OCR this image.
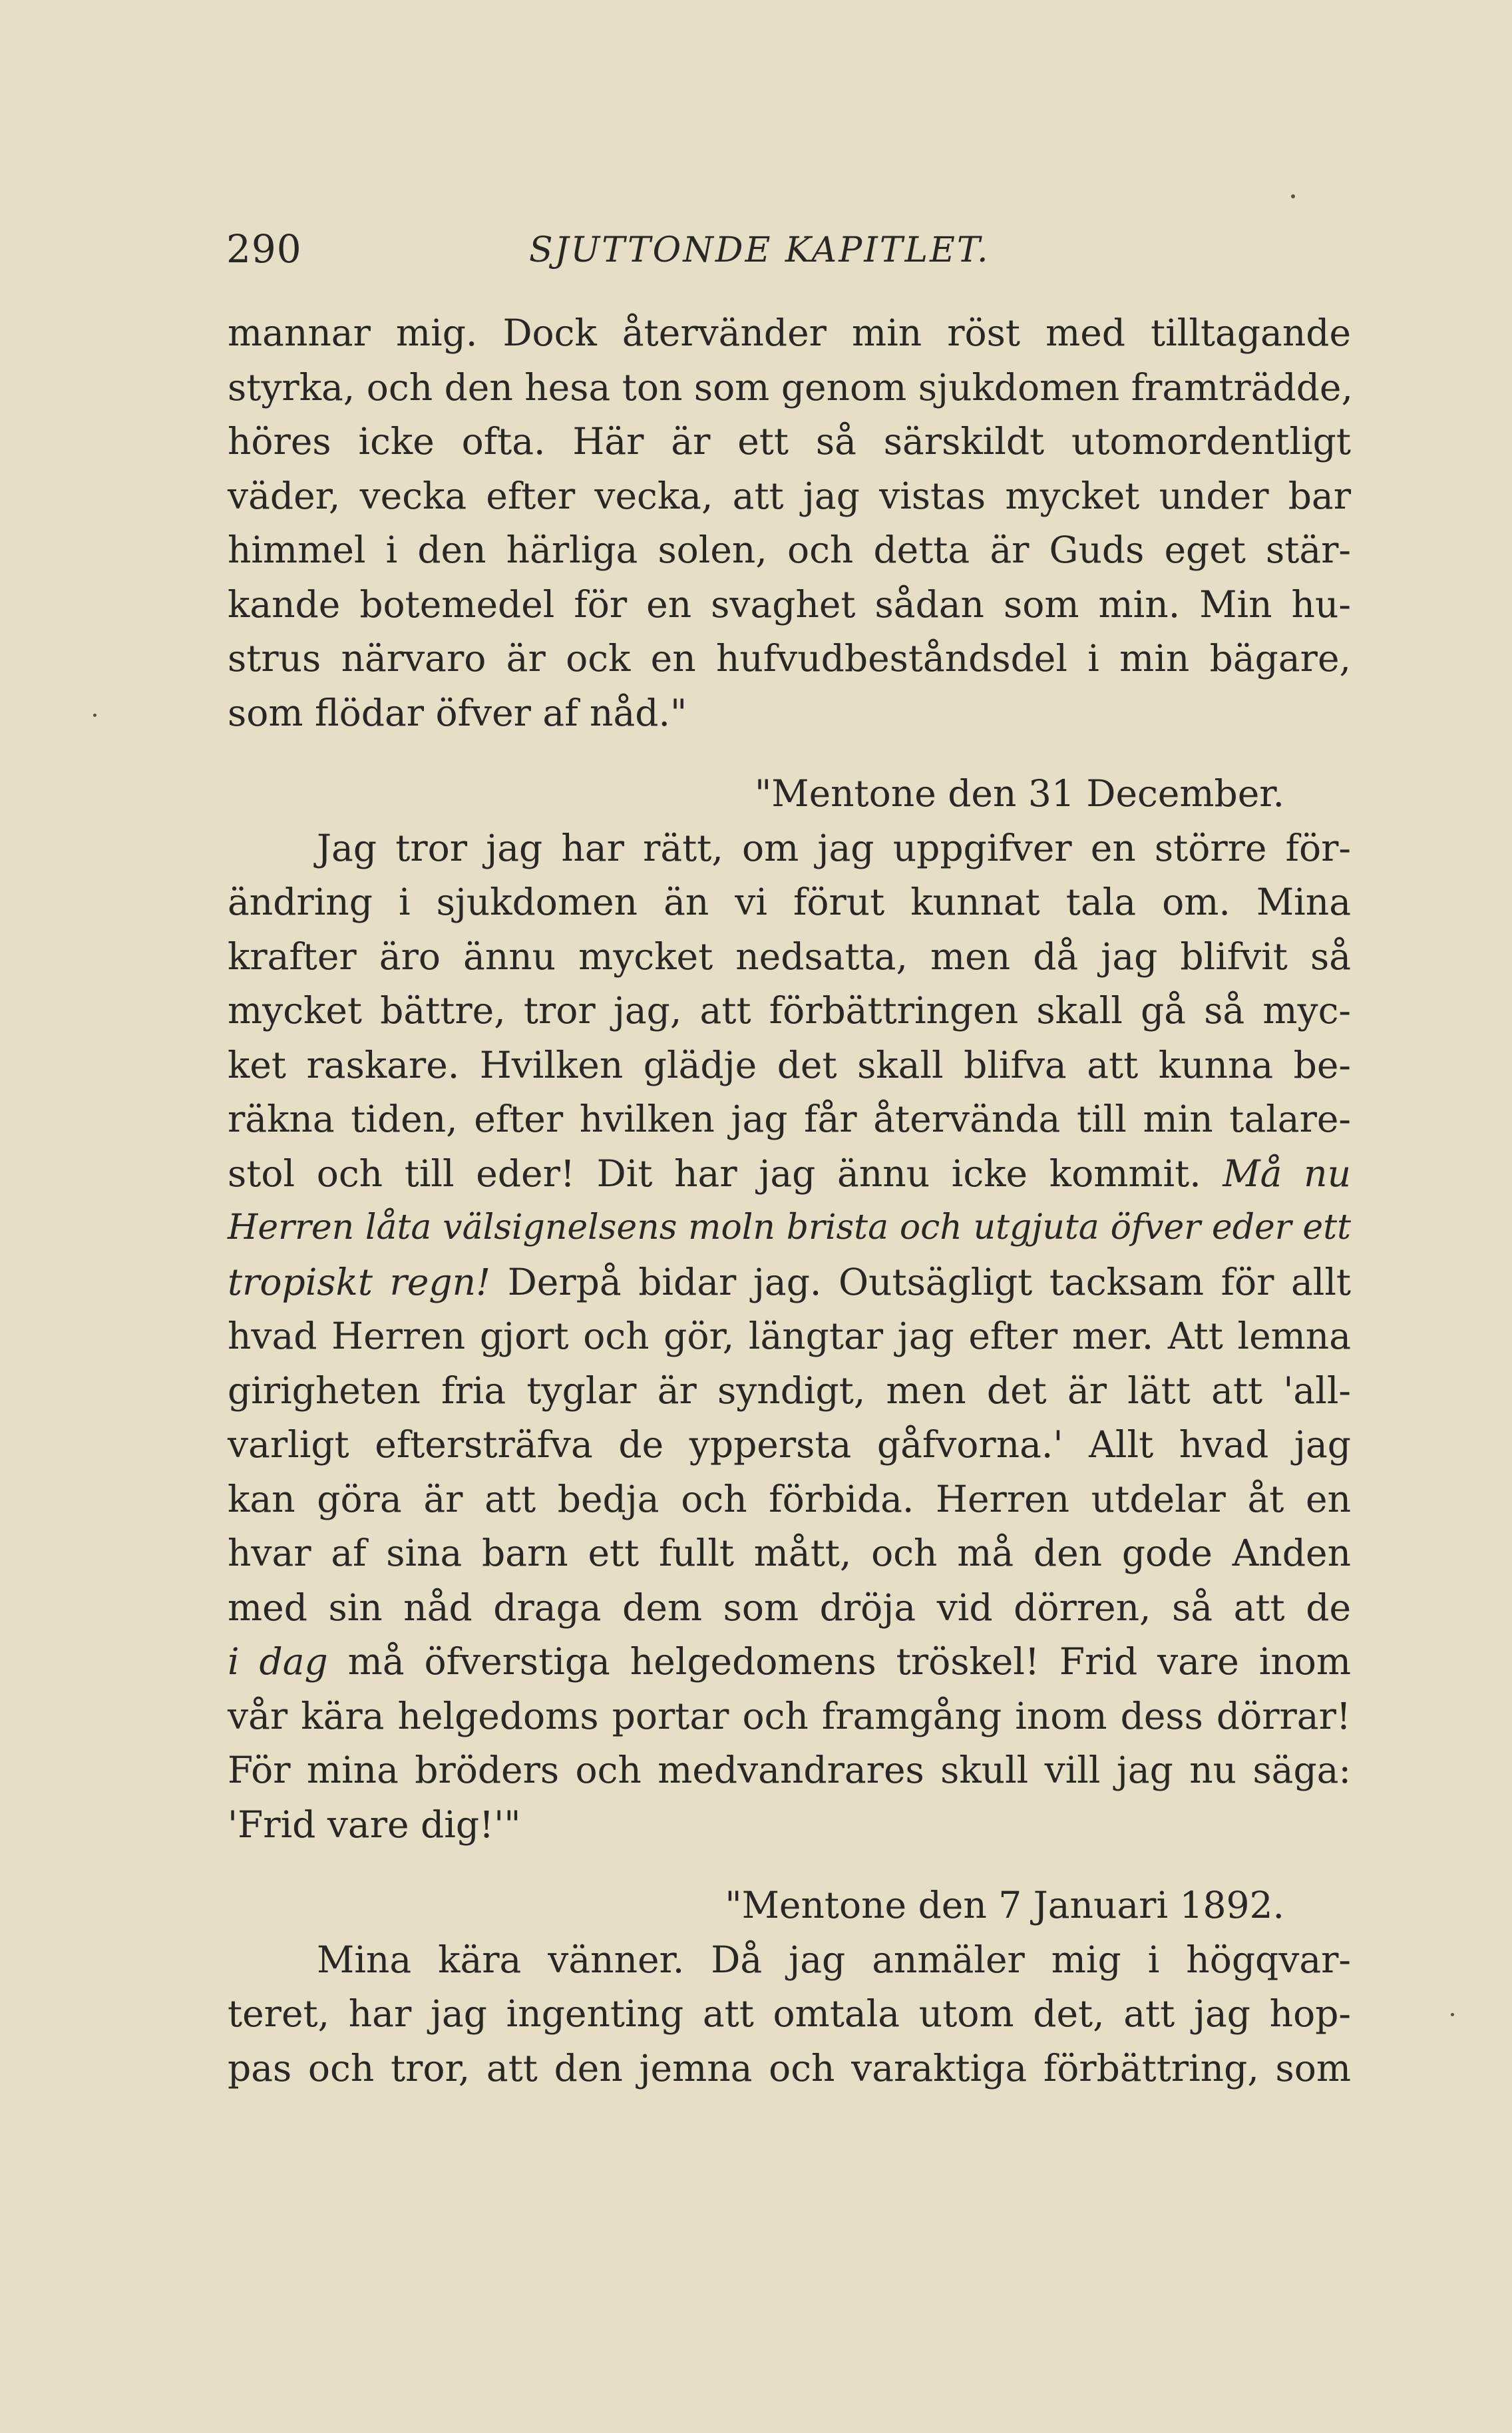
290	SJUTTONDE KAPITLET.
mannar mig. Dock återvänder min röst med tilltagande
styrka, och den hesa ton som genom sjukdomen framträdde,
höres icke ofta. Här är ett så särskildt utomordentligt
väder, vecka efter vecka, att jag vistas mycket under bar
himmel i den härliga solen, och detta är Guds eget stär-
kande botemedel för en svaghet sådan som min. Min hu-
strus närvaro är ock en hufvudbeståndsdel i min bägare,
som flödar öfver af nåd."
"Mentone den 31 December.
Jag tror jag har rätt, om jag uppgifver en större för-
ändring i sjukdomen än vi förut kunnat tala om. Mina
krafter äro ännu mycket nedsatta, men då jag blifvit så
mycket bättre, tror jag, att förbättringen skall gå så myc-
ket raskare. Hvilken glädje det skall blifva att kunna be-
räkna tiden, efter hvilken jag får återvända till min talare-
stol och till eder! Dit har jag ännu icke kommit. Må nu
Herren låta välsignelsens moln brista och utgjuta öfver eder ett
tropiskt regn! Derpå bidar jag. Outsägligt tacksam för allt
hvad Herren gjort och gör, längtar jag efter mer. Att lemna
girigheten fria tyglar är syndigt, men det är lätt att 'all-
varligt eftersträfva de yppersta gåfvorna.' Allt hvad jag
kan göra är att bedja och förbida. Herren utdelar åt en
hvar af sina barn ett fullt mått, och må den gode Anden
med sin nåd draga dem som dröja vid dörren, så att de
i dag må öfverstiga helgedomens tröskel! Frid vare inom
vår kära helgedoms portar och framgång inom dess dörrar!
För mina bröders och medvandrares skull vill jag nu säga:
'Frid vare dig!'"
"Mentone den 7 Januari 1892.
Mina kära vänner. Då jag anmäler mig i högqvar-
teret, har jag ingenting att omtala utom det, att jag hop-
pas och tror, att den jemna och varaktiga förbättring, som
